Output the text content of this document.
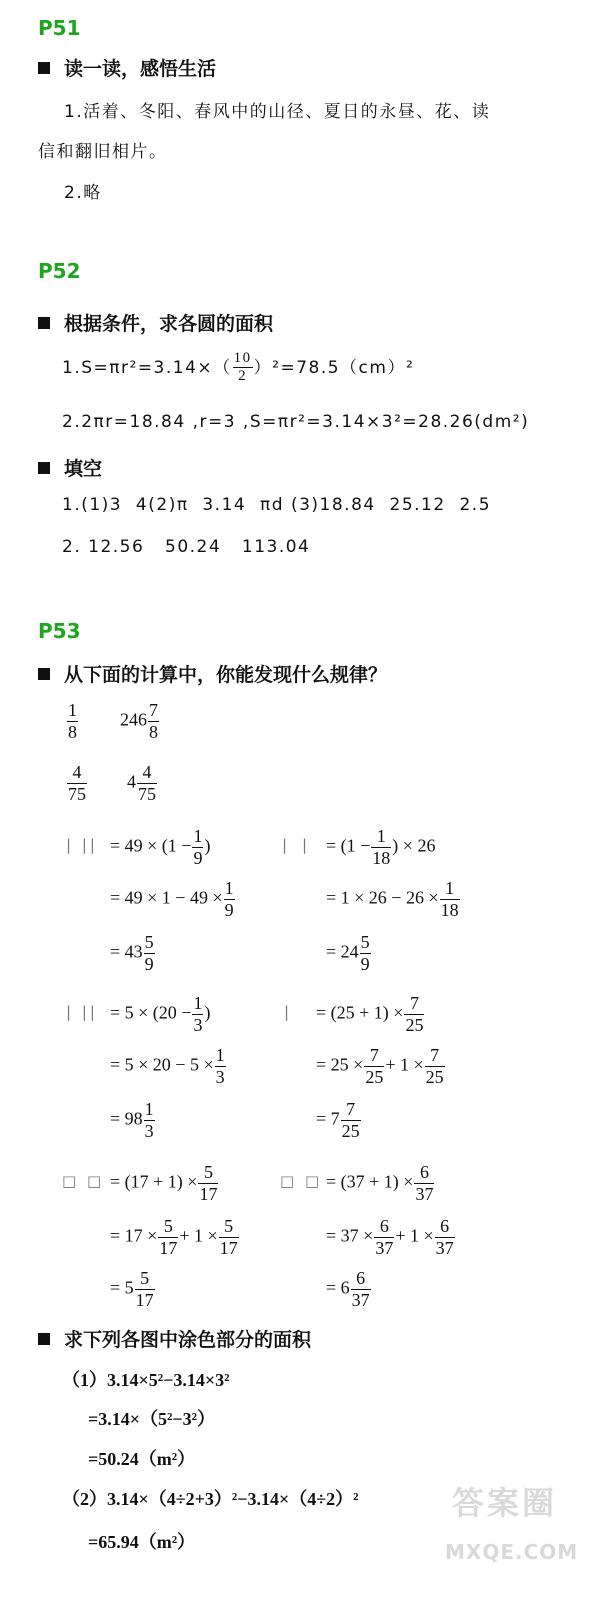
P51
读一读，感悟生活
1.活着、冬阳、春风中的山径、夏日的永昼、花、读
信和翻旧相片。
2.略
P52
根据条件，求各圆的面积
$1.S=\pi r^2=3.14\times( \frac{10}{2} )^2=78.5(cm)^2$
2.2πr=18.84 ,r=3 ,S=πr²=3.14×3²=28.26(dm²)
填空
1.(1)3  4(2)π  3.14  πd (3)18.84  25.12  2.5
2. 12.56   50.24   113.04
P53
从下面的计算中，你能发现什么规律？
$\frac{1}{8} 246 \frac{7}{8}$
$\frac{4}{75} 4 \frac{4}{75}$
| || = $49 \times (1 - \frac{1}{9}$ )
= $49 \times 1 - 49 \times \frac{1}{9}$
= $43 \frac{5}{9}$
|  |  = ($1 - \frac{1}{18}$ ) × 26
= $1 \times 26 - 26 \times \frac{1}{18}$
= $24 \frac{5}{9}$
| || = $5 \times (20 - \frac{1}{3}$ )
= $5 \times 20 - 5 \times \frac{1}{3}$
= $98 \frac{1}{3}$
| = $(25 + 1) \times \frac{7}{25}$
= $25 \times \frac{7}{25} + 1 \times \frac{7}{25}$
= $7 \frac{7}{25}$
□ □ = $(17 + 1) \times \frac{5}{17}$
= $17 \times \frac{5}{17} + 1 \times \frac{5}{17}$
= $5 \frac{5}{17}$
□ □ = $(37 + 1) \times \frac{6}{37}$
= $37 \times \frac{6}{37} + 1 \times \frac{6}{37}$
= $6 \frac{6}{37}$
求下列各图中涂色部分的面积
（1）3.14×5²−3.14×3²
=3.14×（5²−3²）
=50.24（m²）
（2）3.14×（4÷2+3）²−3.14×（4÷2）²
=65.94（m²）
答案圈
MXQE.COM
